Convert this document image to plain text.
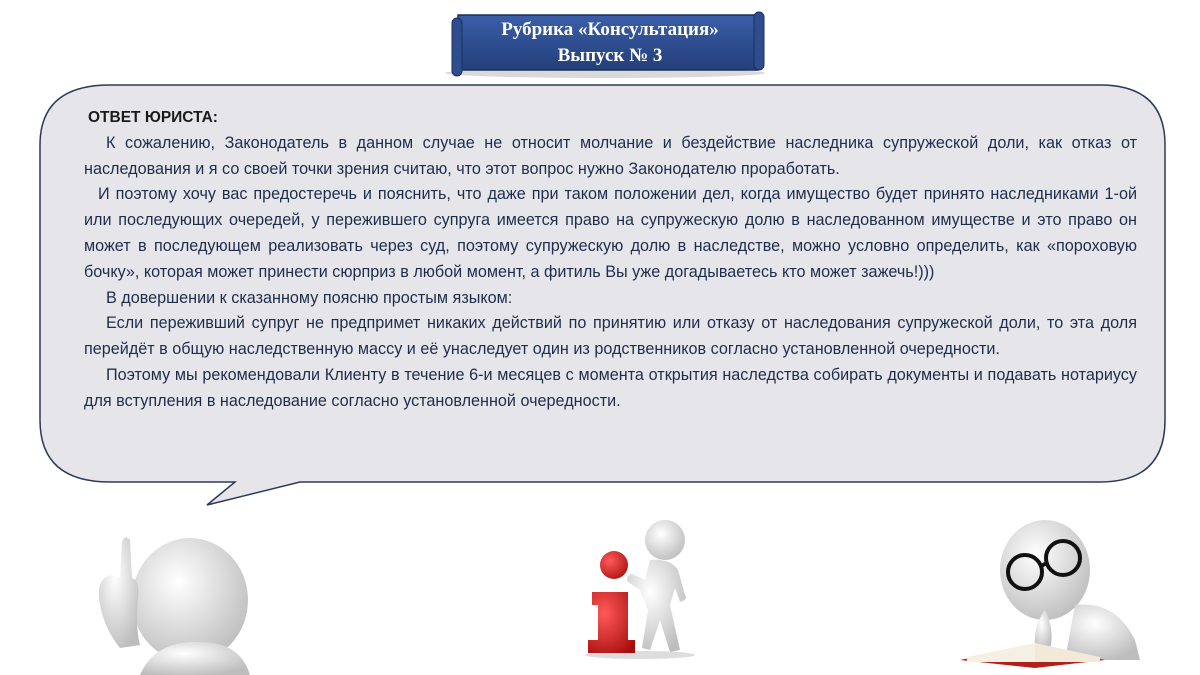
Рубрика «Консультация»
Выпуск № 3
ОТВЕТ ЮРИСТА:

К сожалению, Законодатель в данном случае не относит молчание и бездействие наследника супружеской доли, как отказ от наследования и я со своей точки зрения считаю, что этот вопрос нужно Законодателю проработать.

И поэтому хочу вас предостеречь и пояснить, что даже при таком положении дел, когда имущество будет принято наследниками 1-ой или последующих очередей, у пережившего супруга имеется право на супружескую долю в наследованном имуществе и это право он может в последующем реализовать через суд, поэтому супружескую долю в наследстве, можно условно определить, как «пороховую бочку», которая может принести сюрприз в любой момент, а фитиль Вы уже догадываетесь кто может зажечь!)))

В довершении к сказанному поясню простым языком:

Если переживший супруг не предпримет никаких действий по принятию или отказу от наследования супружеской доли, то эта доля перейдёт в общую наследственную массу и её унаследует один из родственников согласно установленной очередности.

Поэтому мы рекомендовали Клиенту в течение 6-и месяцев с момента открытия наследства собирать документы и подавать нотариусу для вступления в наследование согласно установленной очередности.
